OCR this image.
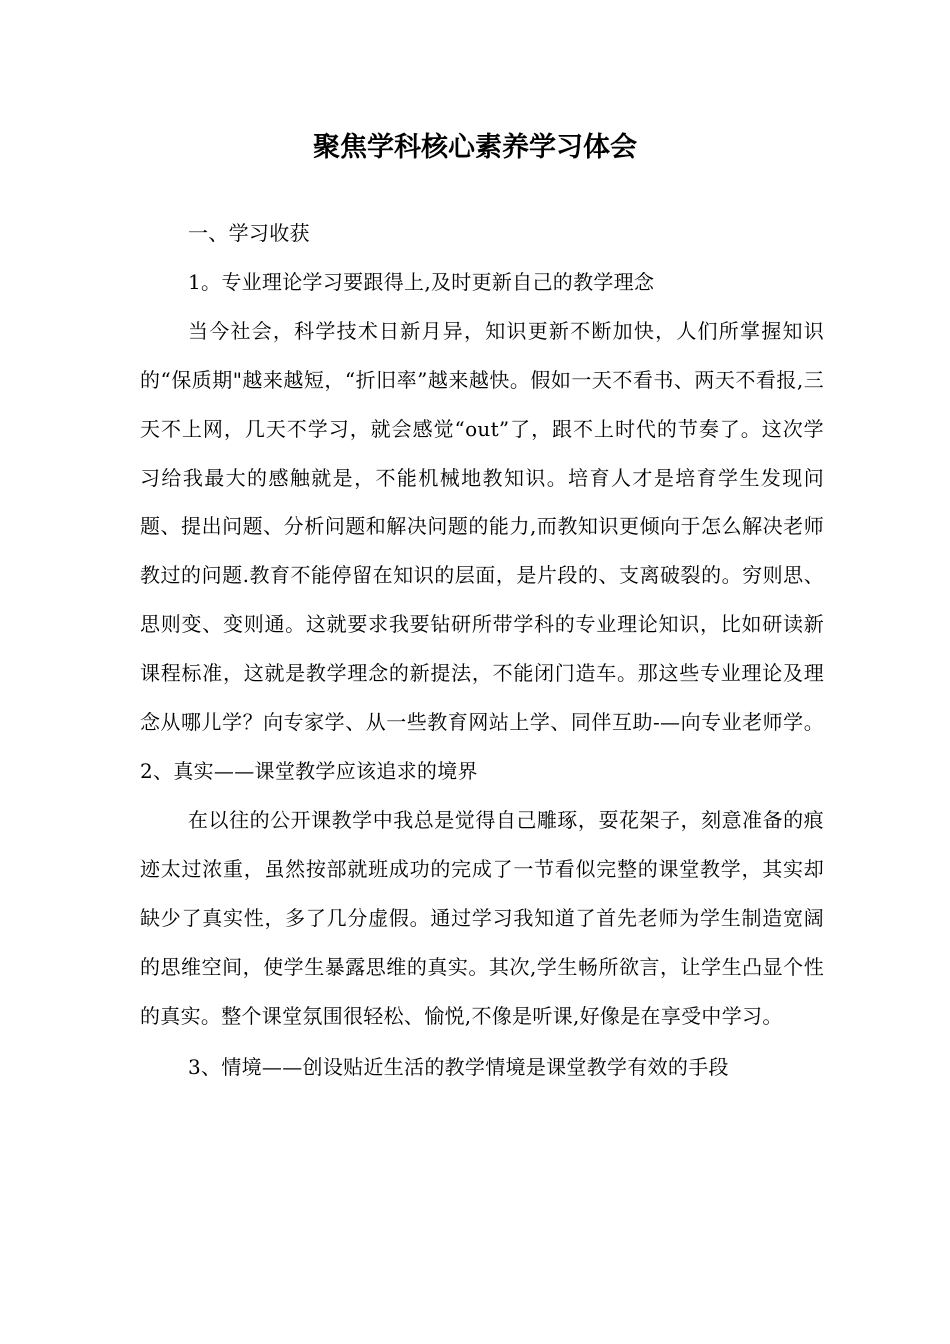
聚焦学科核心素养学习体会

一、学习收获

1。专业理论学习要跟得上,及时更新自己的教学理念

当今社会，科学技术日新月异，知识更新不断加快，人们所掌握知识的“保质期"越来越短，“折旧率”越来越快。假如一天不看书、两天不看报,三天不上网，几天不学习，就会感觉“out”了，跟不上时代的节奏了。这次学习给我最大的感触就是，不能机械地教知识。培育人才是培育学生发现问题、提出问题、分析问题和解决问题的能力,而教知识更倾向于怎么解决老师教过的问题.教育不能停留在知识的层面，是片段的、支离破裂的。穷则思、思则变、变则通。这就要求我要钻研所带学科的专业理论知识，比如研读新课程标准，这就是教学理念的新提法，不能闭门造车。那这些专业理论及理念从哪儿学？向专家学、从一些教育网站上学、同伴互助-—向专业老师学。2、真实——课堂教学应该追求的境界

在以往的公开课教学中我总是觉得自己雕琢，耍花架子，刻意准备的痕迹太过浓重，虽然按部就班成功的完成了一节看似完整的课堂教学，其实却缺少了真实性，多了几分虚假。通过学习我知道了首先老师为学生制造宽阔的思维空间，使学生暴露思维的真实。其次,学生畅所欲言，让学生凸显个性的真实。整个课堂氛围很轻松、愉悦,不像是听课,好像是在享受中学习。

3、情境——创设贴近生活的教学情境是课堂教学有效的手段
